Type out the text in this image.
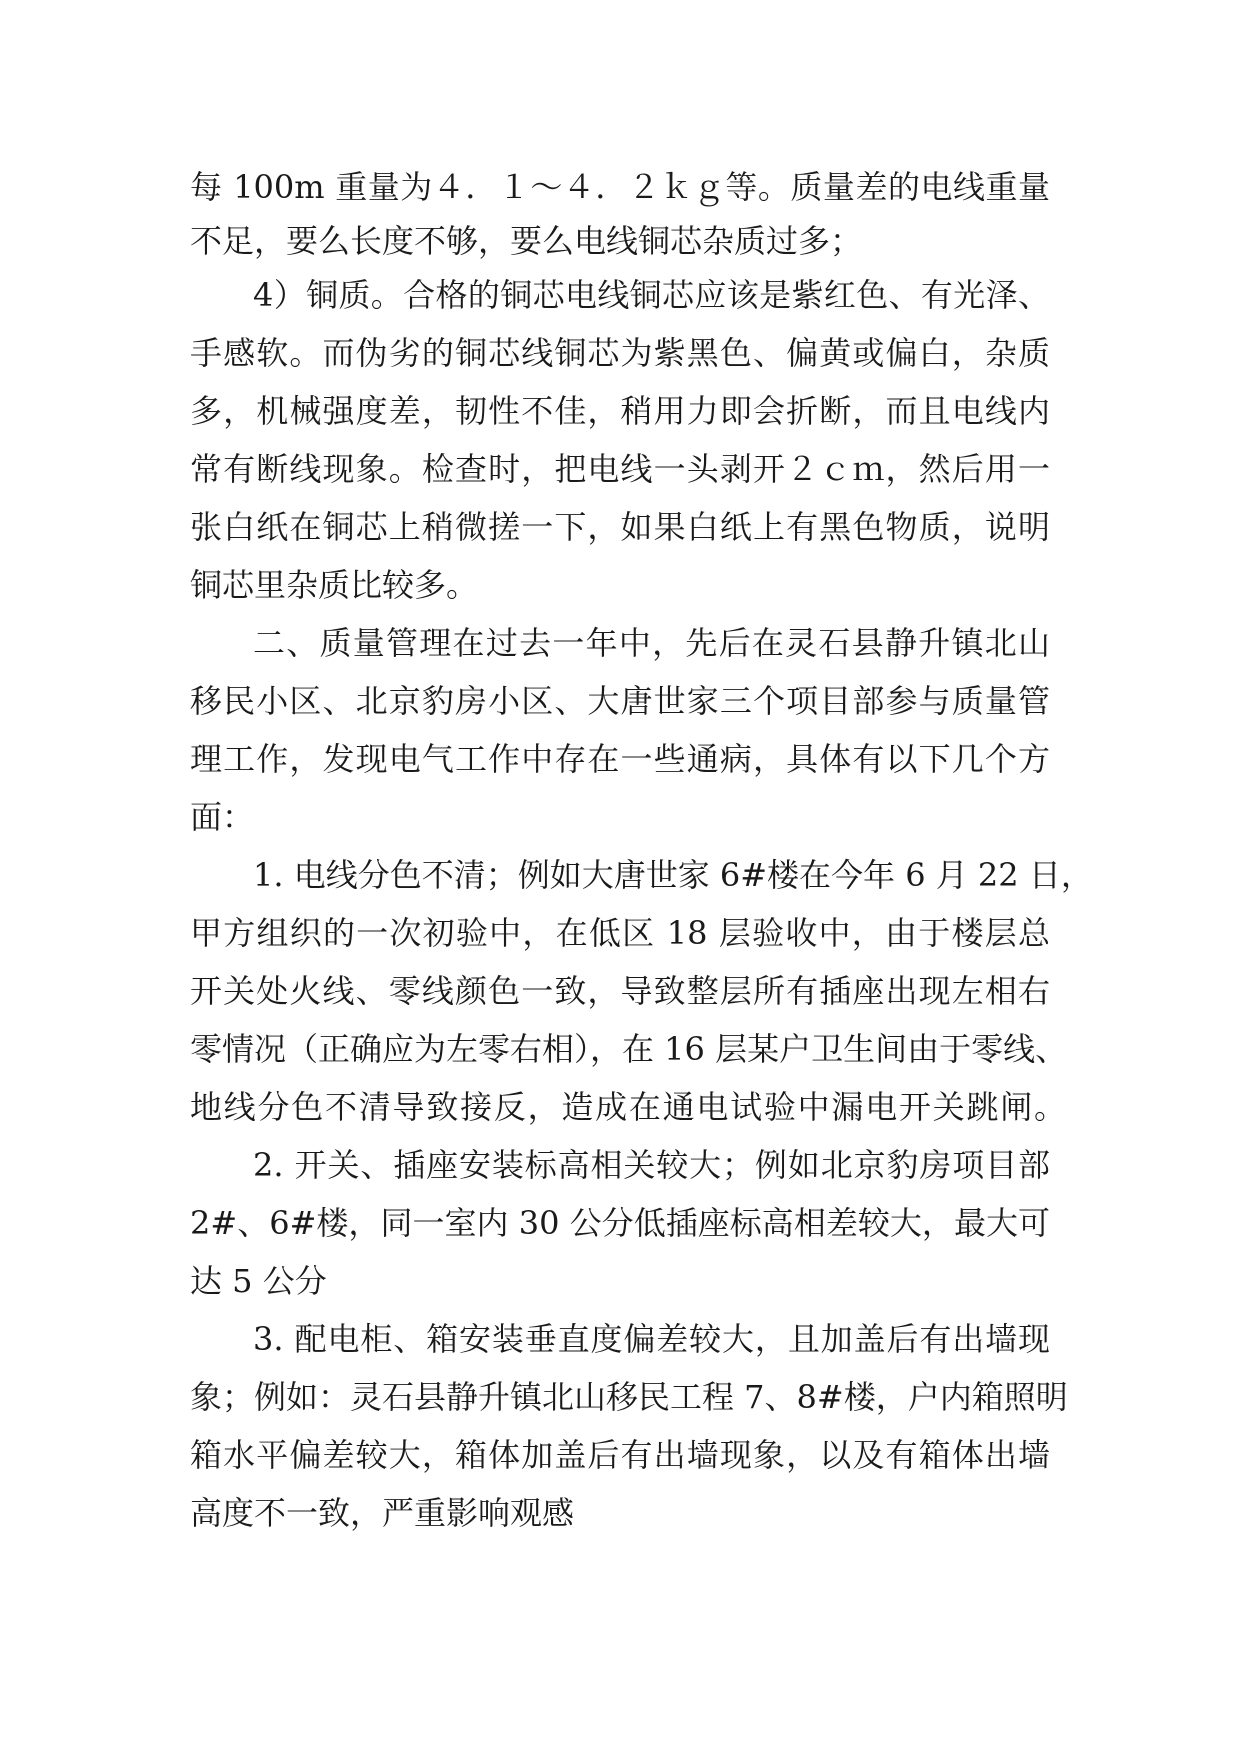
每 100m 重量为４．１～４．２ｋｇ等。质量差的电线重量
不足，要么长度不够，要么电线铜芯杂质过多；
4）铜质。合格的铜芯电线铜芯应该是紫红色、有光泽、
手感软。而伪劣的铜芯线铜芯为紫黑色、偏黄或偏白，杂质
多，机械强度差，韧性不佳，稍用力即会折断，而且电线内
常有断线现象。检查时，把电线一头剥开２ｃｍ，然后用一
张白纸在铜芯上稍微搓一下，如果白纸上有黑色物质，说明
铜芯里杂质比较多。
二、质量管理在过去一年中，先后在灵石县静升镇北山
移民小区、北京豹房小区、大唐世家三个项目部参与质量管
理工作，发现电气工作中存在一些通病，具体有以下几个方
面：
1. 电线分色不清；例如大唐世家 6#楼在今年 6 月 22 日，
甲方组织的一次初验中，在低区 18 层验收中，由于楼层总
开关处火线、零线颜色一致，导致整层所有插座出现左相右
零情况（正确应为左零右相），在 16 层某户卫生间由于零线、
地线分色不清导致接反，造成在通电试验中漏电开关跳闸。
2. 开关、插座安装标高相关较大；例如北京豹房项目部
2#、6#楼，同一室内 30 公分低插座标高相差较大，最大可
达 5 公分
3. 配电柜、箱安装垂直度偏差较大，且加盖后有出墙现
象；例如：灵石县静升镇北山移民工程 7、8#楼，户内箱照明
箱水平偏差较大，箱体加盖后有出墙现象，以及有箱体出墙
高度不一致，严重影响观感
